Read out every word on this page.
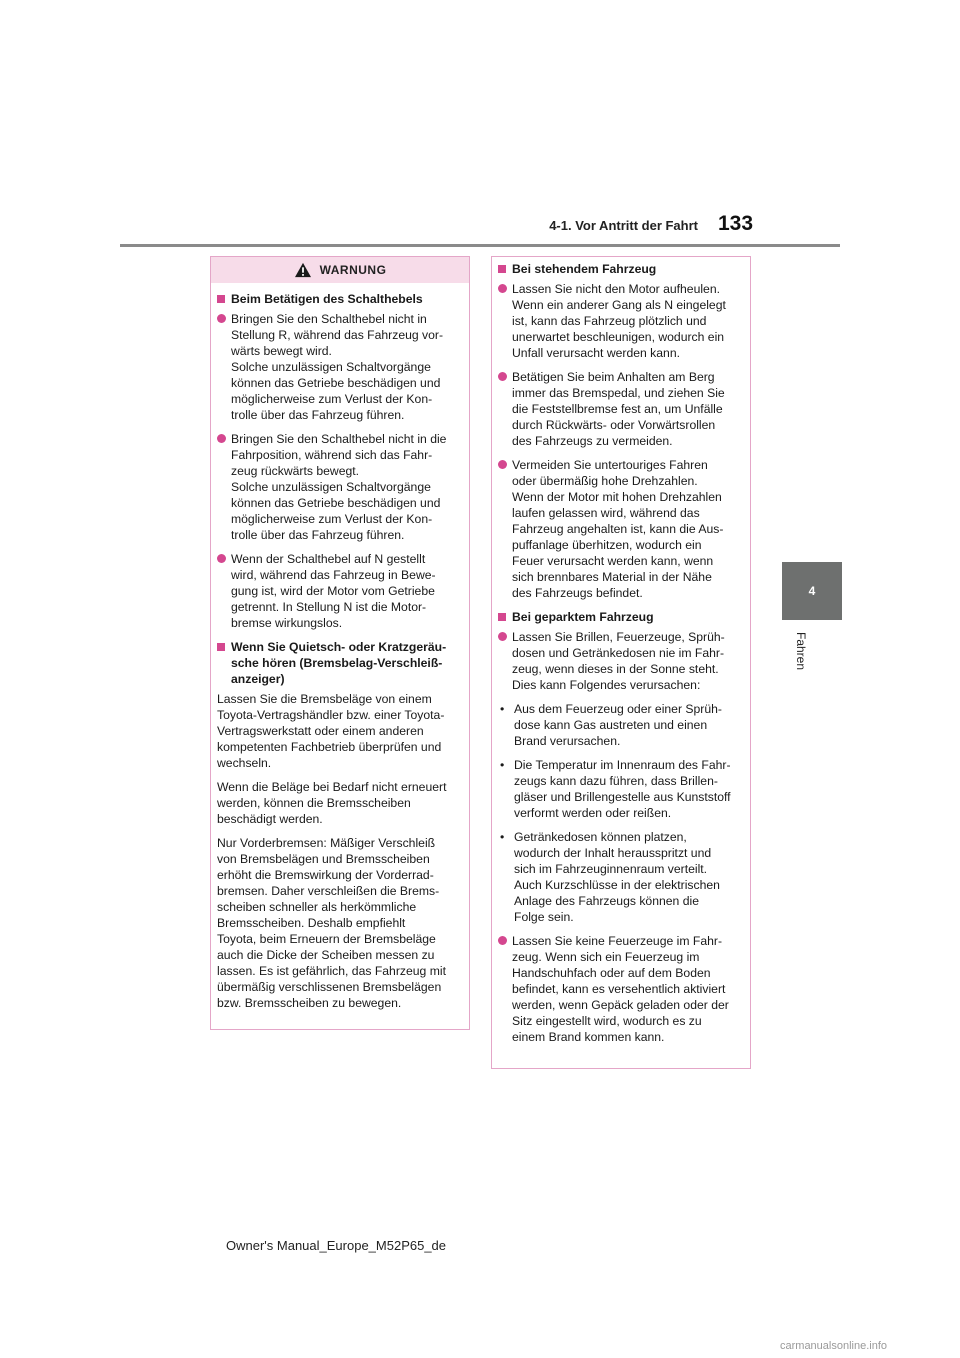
4-1. Vor Antritt der Fahrt 133
4
Fahren
WARNUNG
Beim Betätigen des Schalthebels
Bringen Sie den Schalthebel nicht in
Stellung R, während das Fahrzeug vor-
wärts bewegt wird.
Solche unzulässigen Schaltvorgänge
können das Getriebe beschädigen und
möglicherweise zum Verlust der Kon-
trolle über das Fahrzeug führen.
Bringen Sie den Schalthebel nicht in die
Fahrposition, während sich das Fahr-
zeug rückwärts bewegt.
Solche unzulässigen Schaltvorgänge
können das Getriebe beschädigen und
möglicherweise zum Verlust der Kon-
trolle über das Fahrzeug führen.
Wenn der Schalthebel auf N gestellt
wird, während das Fahrzeug in Bewe-
gung ist, wird der Motor vom Getriebe
getrennt. In Stellung N ist die Motor-
bremse wirkungslos.
Wenn Sie Quietsch- oder Kratzgeräu-
sche hören (Bremsbelag-Verschleiß-
anzeiger)
Lassen Sie die Bremsbeläge von einem
Toyota-Vertragshändler bzw. einer Toyota-
Vertragswerkstatt oder einem anderen
kompetenten Fachbetrieb überprüfen und
wechseln.
Wenn die Beläge bei Bedarf nicht erneuert
werden, können die Bremsscheiben
beschädigt werden.
Nur Vorderbremsen: Mäßiger Verschleiß
von Bremsbelägen und Bremsscheiben
erhöht die Bremswirkung der Vorderrad-
bremsen. Daher verschleißen die Brems-
scheiben schneller als herkömmliche
Bremsscheiben. Deshalb empfiehlt
Toyota, beim Erneuern der Bremsbeläge
auch die Dicke der Scheiben messen zu
lassen. Es ist gefährlich, das Fahrzeug mit
übermäßig verschlissenen Bremsbelägen
bzw. Bremsscheiben zu bewegen.
Bei stehendem Fahrzeug
Lassen Sie nicht den Motor aufheulen.
Wenn ein anderer Gang als N eingelegt
ist, kann das Fahrzeug plötzlich und
unerwartet beschleunigen, wodurch ein
Unfall verursacht werden kann.
Betätigen Sie beim Anhalten am Berg
immer das Bremspedal, und ziehen Sie
die Feststellbremse fest an, um Unfälle
durch Rückwärts- oder Vorwärtsrollen
des Fahrzeugs zu vermeiden.
Vermeiden Sie untertouriges Fahren
oder übermäßig hohe Drehzahlen.
Wenn der Motor mit hohen Drehzahlen
laufen gelassen wird, während das
Fahrzeug angehalten ist, kann die Aus-
puffanlage überhitzen, wodurch ein
Feuer verursacht werden kann, wenn
sich brennbares Material in der Nähe
des Fahrzeugs befindet.
Bei geparktem Fahrzeug
Lassen Sie Brillen, Feuerzeuge, Sprüh-
dosen und Getränkedosen nie im Fahr-
zeug, wenn dieses in der Sonne steht.
Dies kann Folgendes verursachen:
• Aus dem Feuerzeug oder einer Sprüh-
dose kann Gas austreten und einen
Brand verursachen.
• Die Temperatur im Innenraum des Fahr-
zeugs kann dazu führen, dass Brillen-
gläser und Brillengestelle aus Kunststoff
verformt werden oder reißen.
• Getränkedosen können platzen,
wodurch der Inhalt herausspritzt und
sich im Fahrzeuginnenraum verteilt.
Auch Kurzschlüsse in der elektrischen
Anlage des Fahrzeugs können die
Folge sein.
Lassen Sie keine Feuerzeuge im Fahr-
zeug. Wenn sich ein Feuerzeug im
Handschuhfach oder auf dem Boden
befindet, kann es versehentlich aktiviert
werden, wenn Gepäck geladen oder der
Sitz eingestellt wird, wodurch es zu
einem Brand kommen kann.
Owner's Manual_Europe_M52P65_de
carmanualsonline.info
